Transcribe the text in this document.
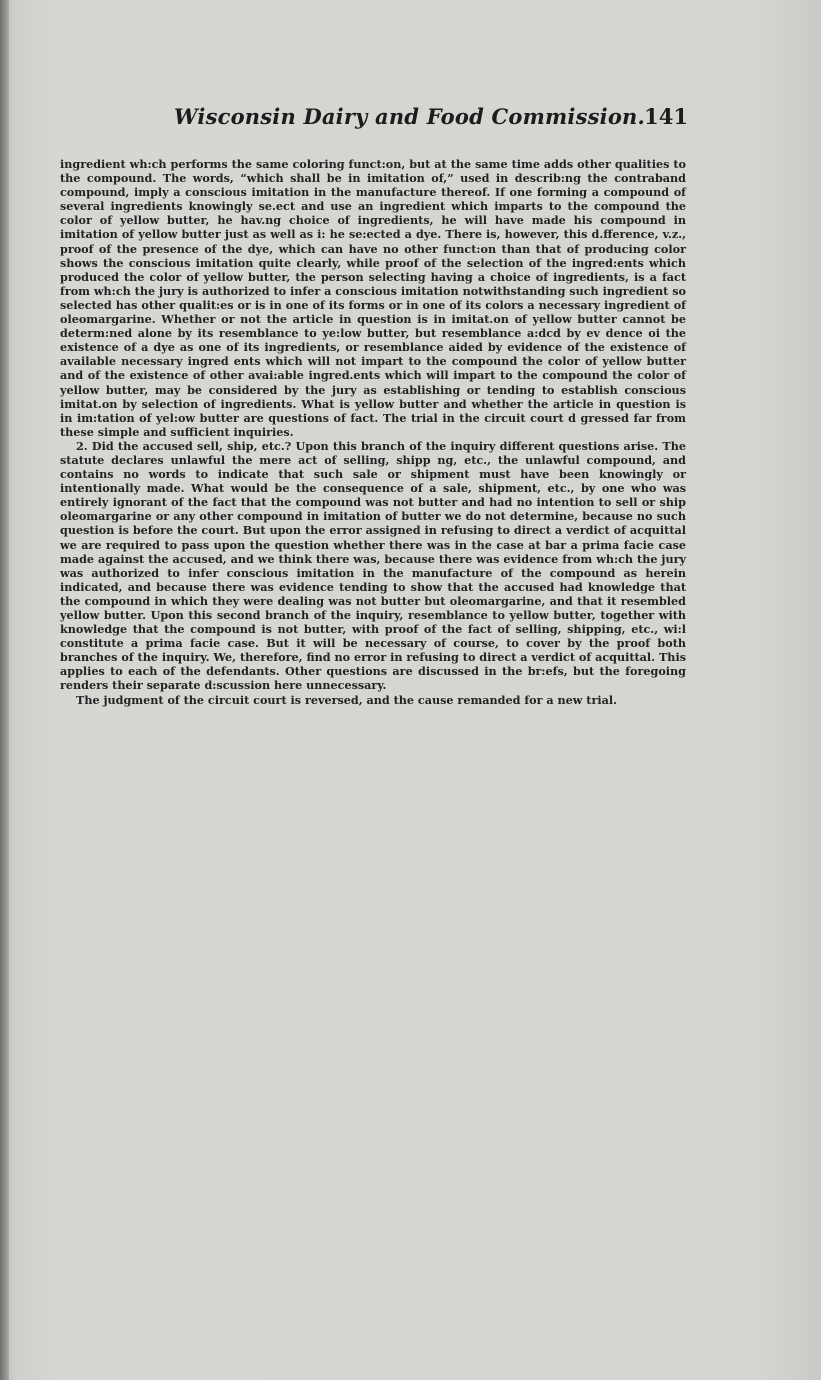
Wisconsin Dairy and Food Commission. 141

ingredient wh:ch performs the same coloring funct:on, but at the same time adds other qualities to the compound. The words, “which shall be in imitation of,” used in describ:ng the contraband compound, imply a conscious imitation in the manufacture thereof. If one forming a compound of several ingredients knowingly se.ect and use an ingredient which imparts to the compound the color of yellow butter, he hav.ng choice of ingredients, he will have made his compound in imitation of yellow butter just as well as i: he se:ected a dye. There is, however, this d.fference, v.z., proof of the presence of the dye, which can have no other funct:on than that of producing color shows the conscious imitation quite clearly, while proof of the selection of the ingred:ents which produced the color of yellow butter, the person selecting having a choice of ingredients, is a fact from wh:ch the jury is authorized to infer a conscious imitation notwithstanding such ingredient so selected has other qualit:es or is in one of its forms or in one of its colors a necessary ingredient of oleomargarine. Whether or not the article in question is in imitat.on of yellow butter cannot be determ:ned alone by its resemblance to ye:low butter, but resemblance a:dcd by ev dence oi the existence of a dye as one of its ingredients, or resemblance aided by evidence of the existence of available necessary ingred ents which will not impart to the compound the color of yellow butter and of the existence of other avai:able ingred.ents which will impart to the compound the color of yellow butter, may be considered by the jury as establishing or tending to establish conscious imitat.on by selection of ingredients. What is yellow butter and whether the article in question is in im:tation of yel:ow butter are questions of fact. The trial in the circuit court d gressed far from these simple and sufficient inquiries.

2. Did the accused sell, ship, etc.? Upon this branch of the inquiry different questions arise. The statute declares unlawful the mere act of selling, shipp ng, etc., the unlawful compound, and contains no words to indicate that such sale or shipment must have been knowingly or intentionally made. What would be the consequence of a sale, shipment, etc., by one who was entirely ignorant of the fact that the compound was not butter and had no intention to sell or ship oleomargarine or any other compound in imitation of butter we do not determine, because no such question is before the court. But upon the error assigned in refusing to direct a verdict of acquittal we are required to pass upon the question whether there was in the case at bar a prima facie case made against the accused, and we think there was, because there was evidence from wh:ch the jury was authorized to infer conscious imitation in the manufacture of the compound as herein indicated, and because there was evidence tending to show that the accused had knowledge that the compound in which they were dealing was not butter but oleomargarine, and that it resembled yellow butter. Upon this second branch of the inquiry, resemblance to yellow butter, together with knowledge that the compound is not butter, with proof of the fact of selling, shipping, etc., wi:l constitute a prima facie case. But it will be necessary of course, to cover by the proof both branches of the inquiry. We, therefore, find no error in refusing to direct a verdict of acquittal. This applies to each of the defendants. Other questions are discussed in the br:efs, but the foregoing renders their separate d:scussion here unnecessary.

The judgment of the circuit court is reversed, and the cause remanded for a new trial.
